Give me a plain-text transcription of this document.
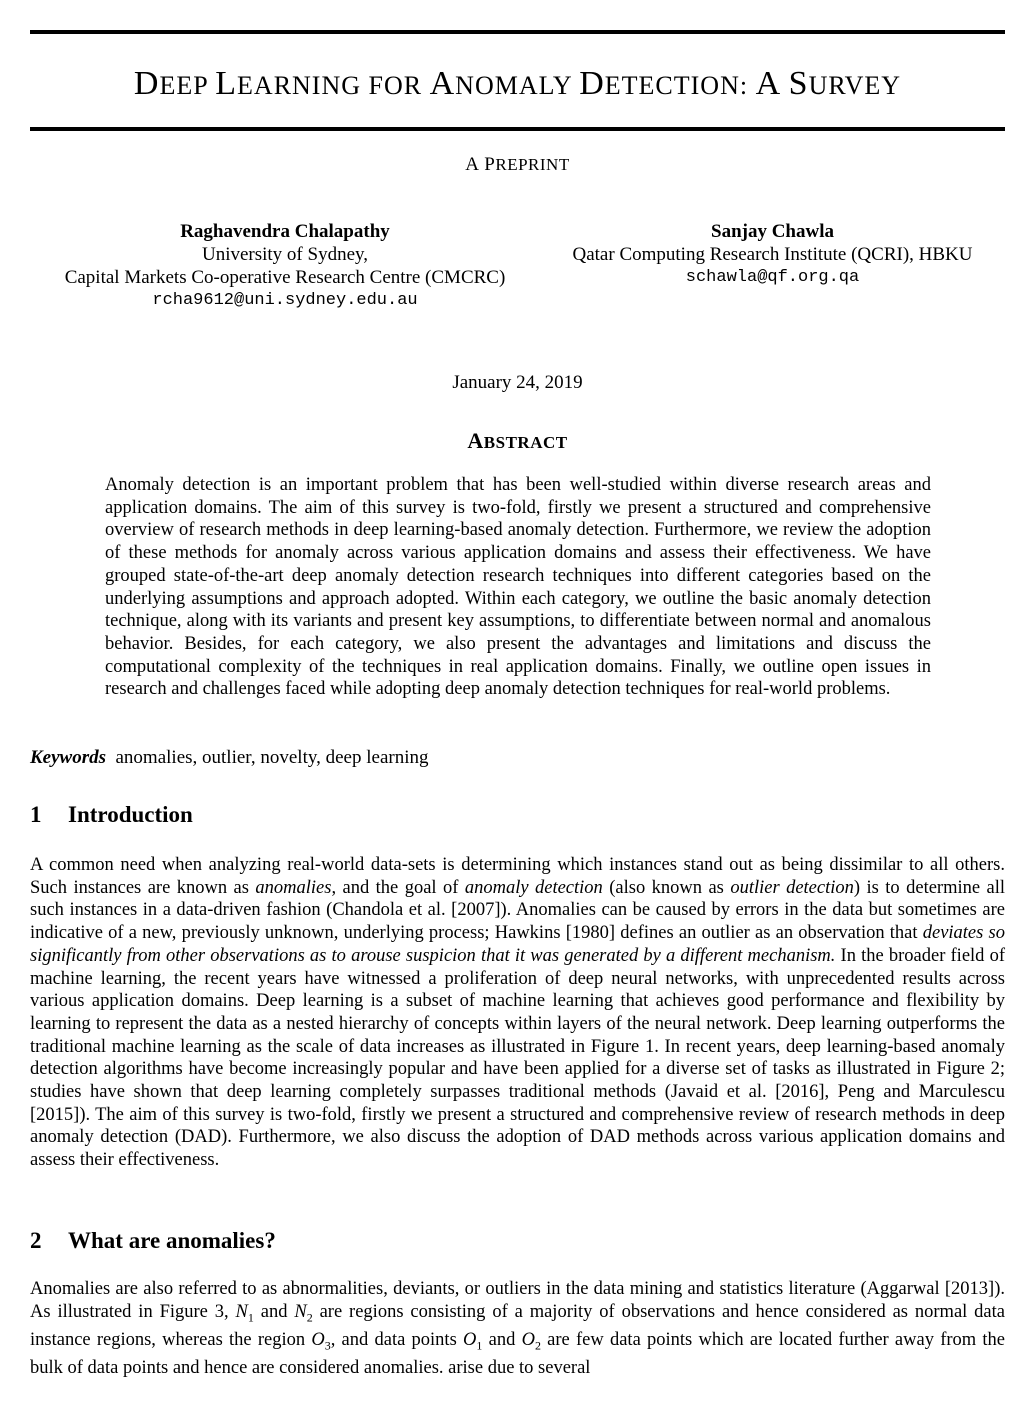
DEEP LEARNING FOR ANOMALY DETECTION: A SURVEY
A PREPRINT
Raghavendra Chalapathy
University of Sydney,
Capital Markets Co-operative Research Centre (CMCRC)
rcha9612@uni.sydney.edu.au
Sanjay Chawla
Qatar Computing Research Institute (QCRI), HBKU
schawla@qf.org.qa
January 24, 2019
ABSTRACT
Anomaly detection is an important problem that has been well-studied within diverse research areas and application domains. The aim of this survey is two-fold, firstly we present a structured and comprehensive overview of research methods in deep learning-based anomaly detection. Furthermore, we review the adoption of these methods for anomaly across various application domains and assess their effectiveness. We have grouped state-of-the-art deep anomaly detection research techniques into different categories based on the underlying assumptions and approach adopted. Within each category, we outline the basic anomaly detection technique, along with its variants and present key assumptions, to differentiate between normal and anomalous behavior. Besides, for each category, we also present the advantages and limitations and discuss the computational complexity of the techniques in real application domains. Finally, we outline open issues in research and challenges faced while adopting deep anomaly detection techniques for real-world problems.
Keywords anomalies, outlier, novelty, deep learning
1 Introduction
A common need when analyzing real-world data-sets is determining which instances stand out as being dissimilar to all others. Such instances are known as anomalies, and the goal of anomaly detection (also known as outlier detection) is to determine all such instances in a data-driven fashion (Chandola et al. [2007]). Anomalies can be caused by errors in the data but sometimes are indicative of a new, previously unknown, underlying process; Hawkins [1980] defines an outlier as an observation that deviates so significantly from other observations as to arouse suspicion that it was generated by a different mechanism. In the broader field of machine learning, the recent years have witnessed a proliferation of deep neural networks, with unprecedented results across various application domains. Deep learning is a subset of machine learning that achieves good performance and flexibility by learning to represent the data as a nested hierarchy of concepts within layers of the neural network. Deep learning outperforms the traditional machine learning as the scale of data increases as illustrated in Figure 1. In recent years, deep learning-based anomaly detection algorithms have become increasingly popular and have been applied for a diverse set of tasks as illustrated in Figure 2; studies have shown that deep learning completely surpasses traditional methods (Javaid et al. [2016], Peng and Marculescu [2015]). The aim of this survey is two-fold, firstly we present a structured and comprehensive review of research methods in deep anomaly detection (DAD). Furthermore, we also discuss the adoption of DAD methods across various application domains and assess their effectiveness.
2 What are anomalies?
Anomalies are also referred to as abnormalities, deviants, or outliers in the data mining and statistics literature (Aggarwal [2013]). As illustrated in Figure 3, $N_1$ and $N_2$ are regions consisting of a majority of observations and hence considered as normal data instance regions, whereas the region $O_3$, and data points $O_1$ and $O_2$ are few data points which are located further away from the bulk of data points and hence are considered anomalies. arise due to several
